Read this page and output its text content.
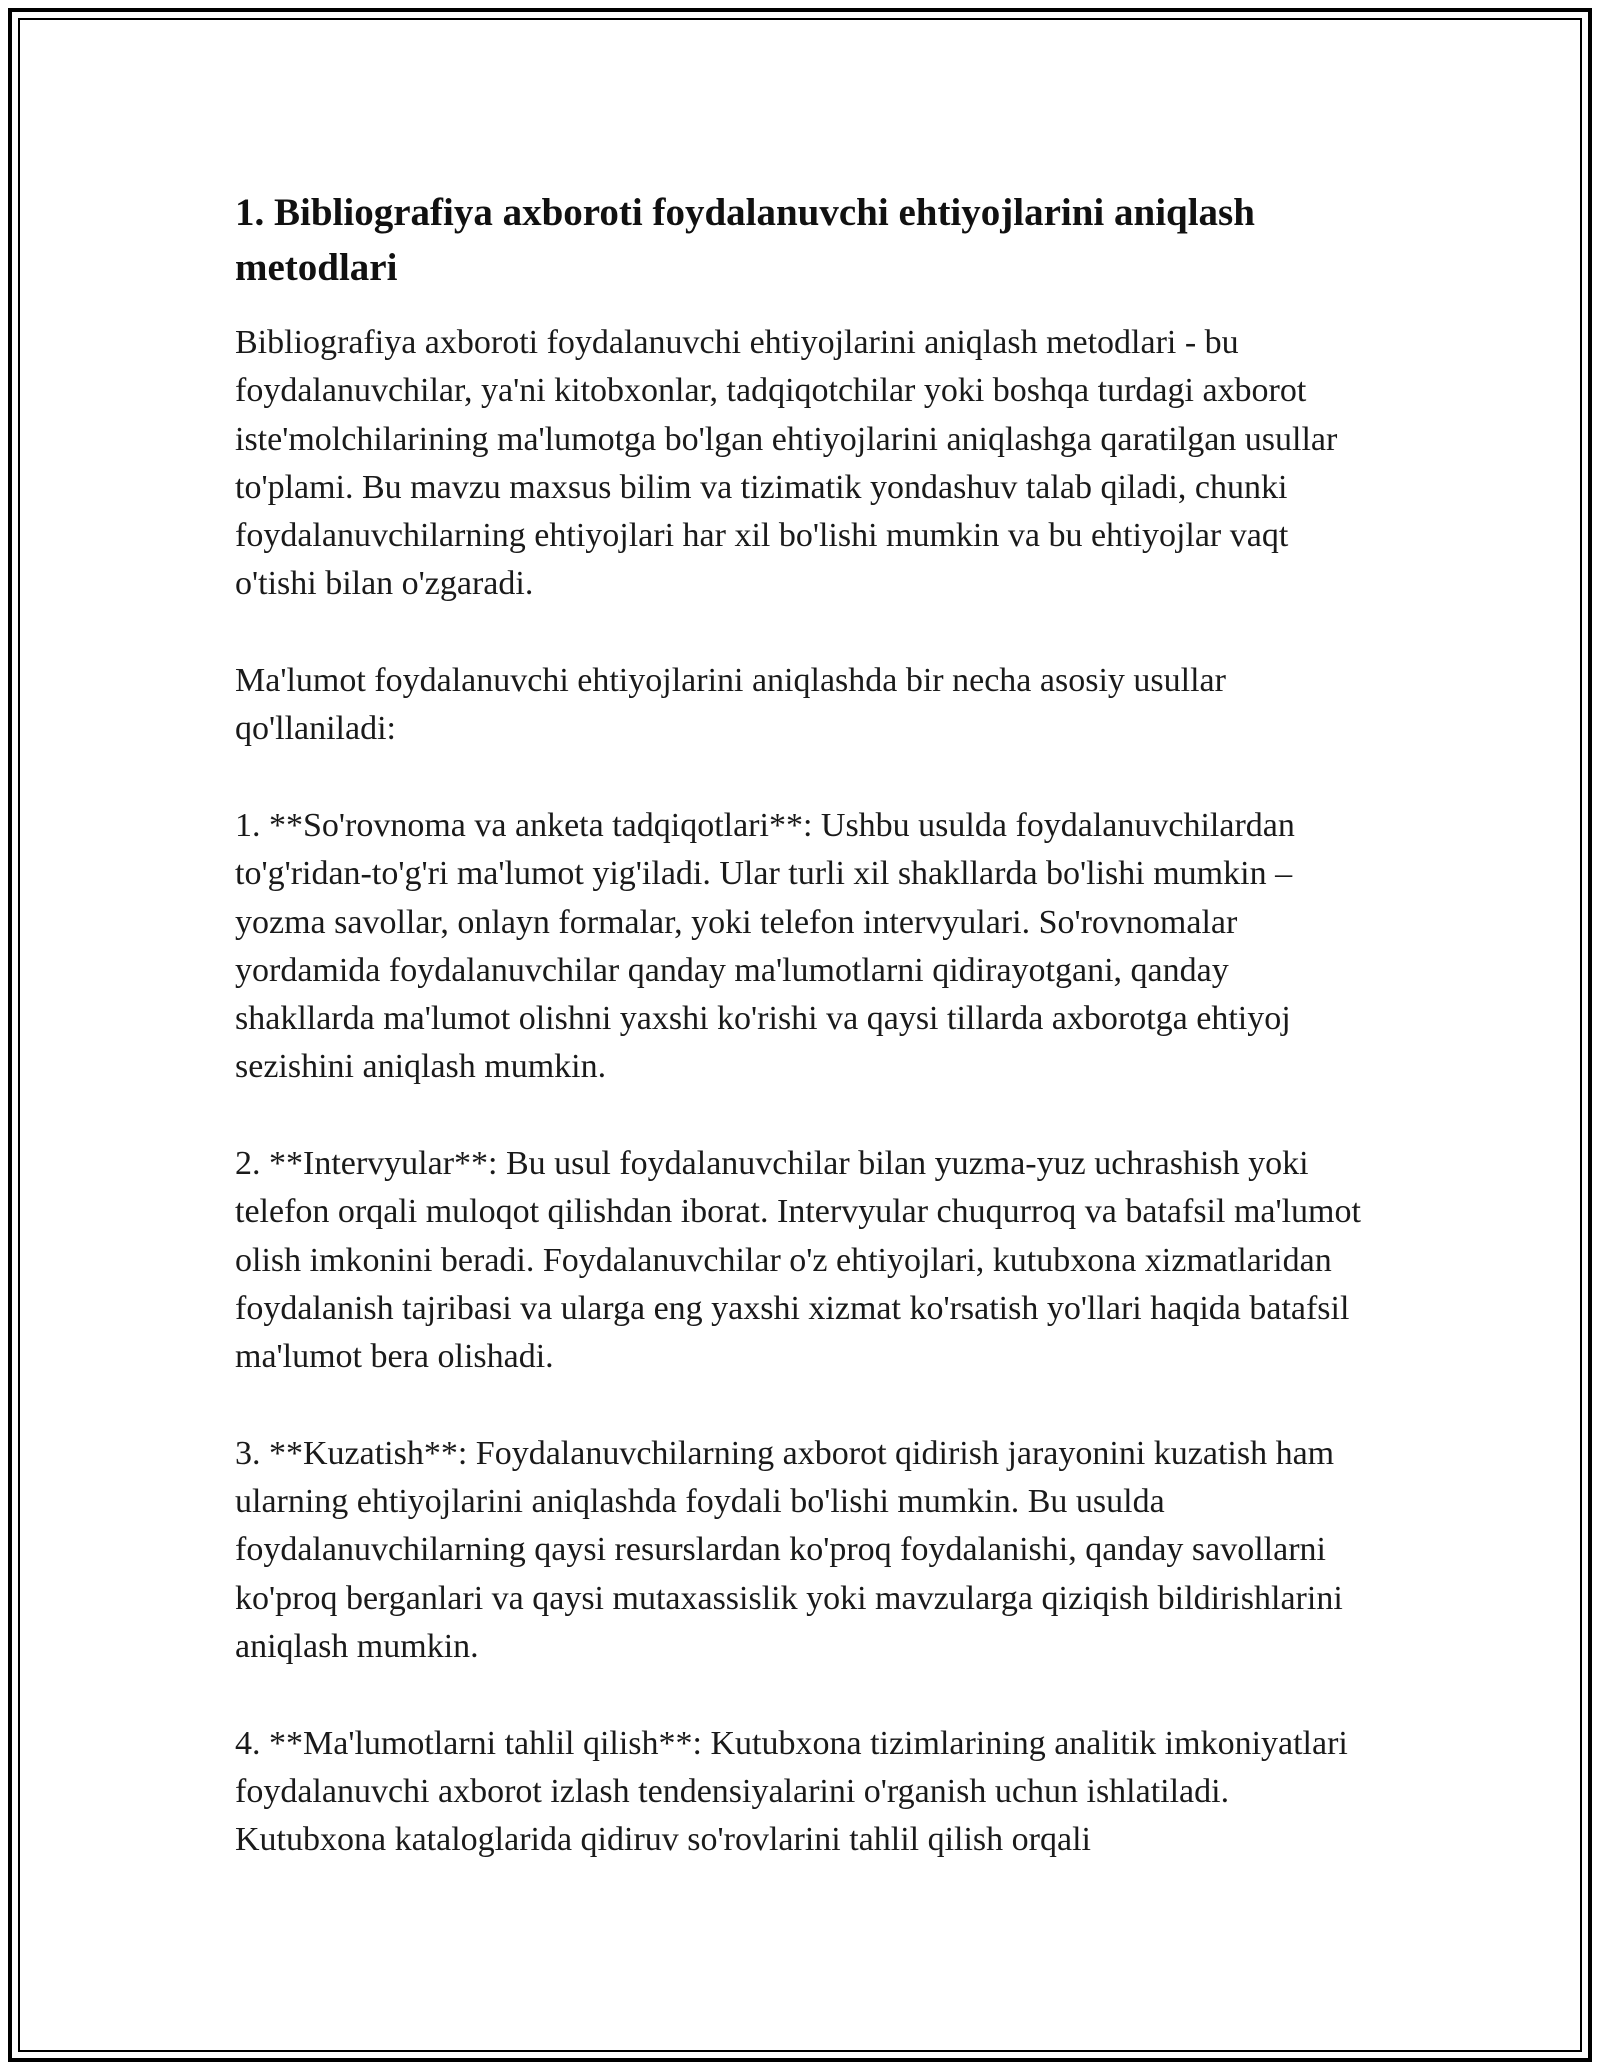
1. Bibliografiya axboroti foydalanuvchi ehtiyojlarini aniqlash metodlari

Bibliografiya axboroti foydalanuvchi ehtiyojlarini aniqlash metodlari - bu foydalanuvchilar, ya'ni kitobxonlar, tadqiqotchilar yoki boshqa turdagi axborot iste'molchilarining ma'lumotga bo'lgan ehtiyojlarini aniqlashga qaratilgan usullar to'plami. Bu mavzu maxsus bilim va tizimatik yondashuv talab qiladi, chunki foydalanuvchilarning ehtiyojlari har xil bo'lishi mumkin va bu ehtiyojlar vaqt o'tishi bilan o'zgaradi.

Ma'lumot foydalanuvchi ehtiyojlarini aniqlashda bir necha asosiy usullar qo'llaniladi:

1. **So'rovnoma va anketa tadqiqotlari**: Ushbu usulda foydalanuvchilardan to'g'ridan-to'g'ri ma'lumot yig'iladi. Ular turli xil shakllarda bo'lishi mumkin – yozma savollar, onlayn formalar, yoki telefon intervyulari. So'rovnomalar yordamida foydalanuvchilar qanday ma'lumotlarni qidirayotgani, qanday shakllarda ma'lumot olishni yaxshi ko'rishi va qaysi tillarda axborotga ehtiyoj sezishini aniqlash mumkin.

2. **Intervyular**: Bu usul foydalanuvchilar bilan yuzma-yuz uchrashish yoki telefon orqali muloqot qilishdan iborat. Intervyular chuqurroq va batafsil ma'lumot olish imkonini beradi. Foydalanuvchilar o'z ehtiyojlari, kutubxona xizmatlaridan foydalanish tajribasi va ularga eng yaxshi xizmat ko'rsatish yo'llari haqida batafsil ma'lumot bera olishadi.

3. **Kuzatish**: Foydalanuvchilarning axborot qidirish jarayonini kuzatish ham ularning ehtiyojlarini aniqlashda foydali bo'lishi mumkin. Bu usulda foydalanuvchilarning qaysi resurslardan ko'proq foydalanishi, qanday savollarni ko'proq berganlari va qaysi mutaxassislik yoki mavzularga qiziqish bildirishlarini aniqlash mumkin.

4. **Ma'lumotlarni tahlil qilish**: Kutubxona tizimlarining analitik imkoniyatlari foydalanuvchi axborot izlash tendensiyalarini o'rganish uchun ishlatiladi. Kutubxona kataloglarida qidiruv so'rovlarini tahlil qilish orqali
